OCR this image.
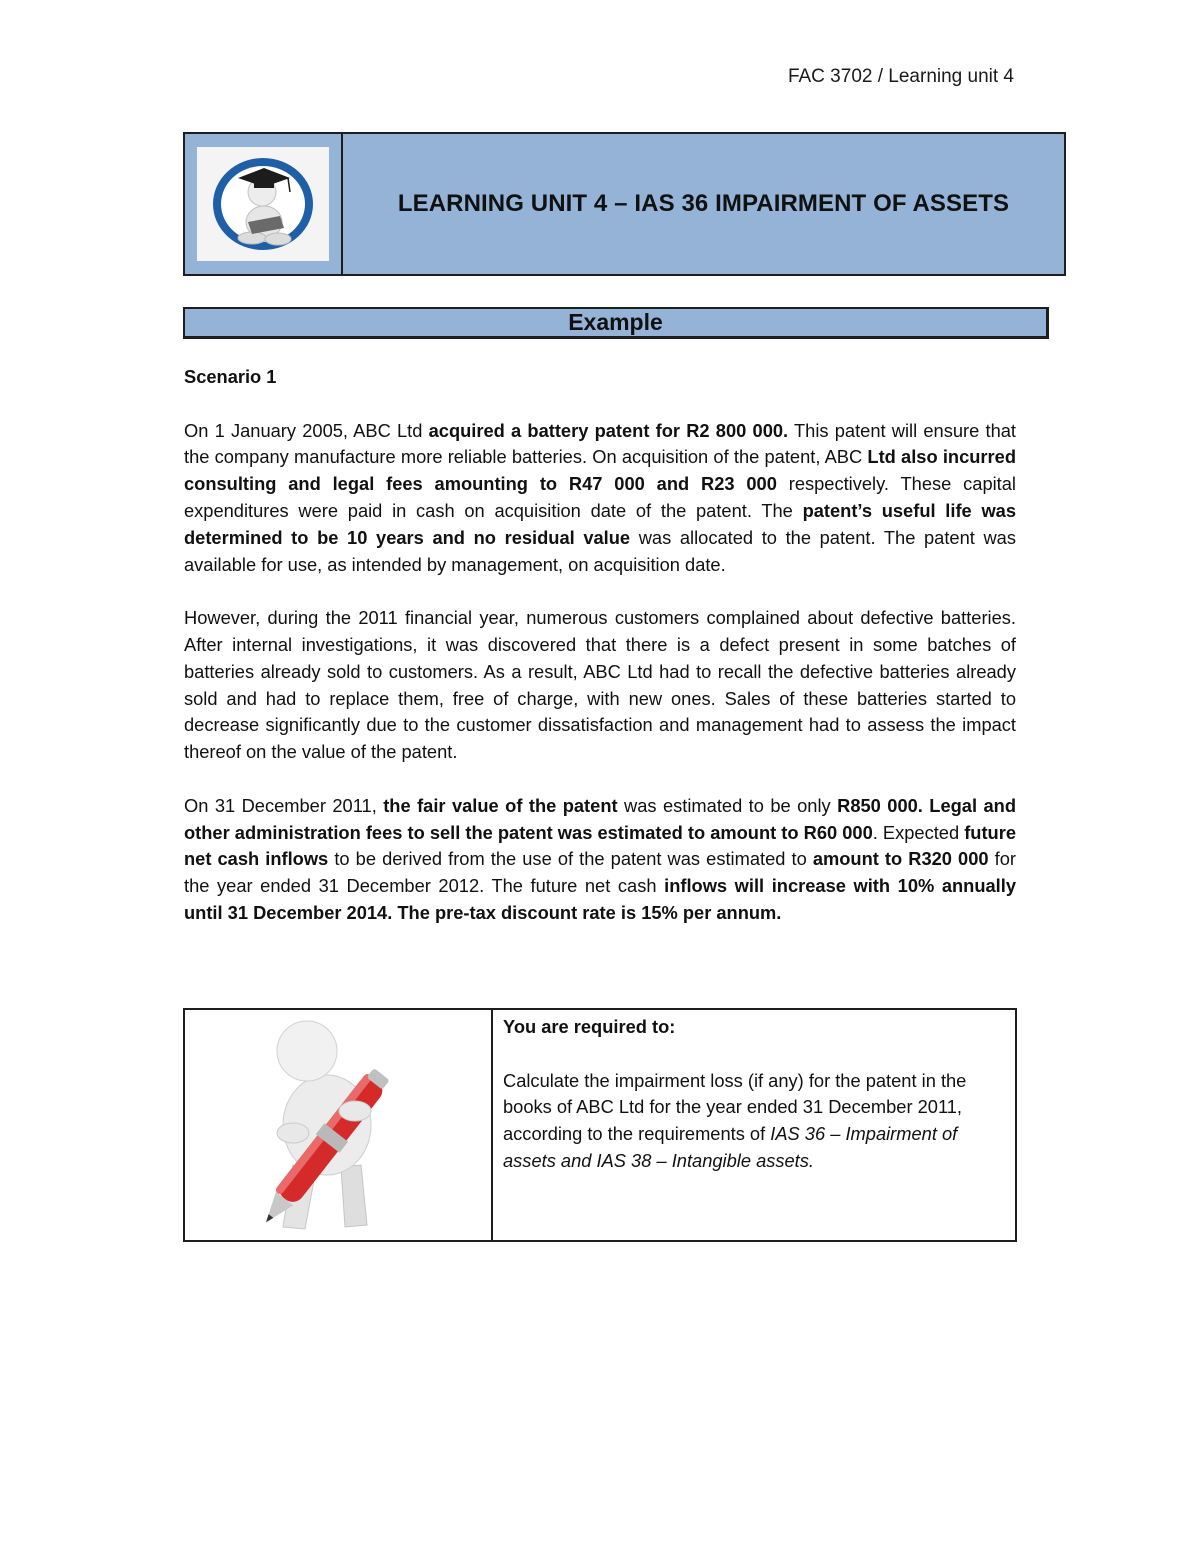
FAC 3702 / Learning unit 4
LEARNING UNIT 4 – IAS 36 IMPAIRMENT OF ASSETS
Example

Scenario 1

On 1 January 2005, ABC Ltd acquired a battery patent for R2 800 000. This patent will ensure that the company manufacture more reliable batteries. On acquisition of the patent, ABC Ltd also incurred consulting and legal fees amounting to R47 000 and R23 000 respectively. These capital expenditures were paid in cash on acquisition date of the patent. The patent’s useful life was determined to be 10 years and no residual value was allocated to the patent. The patent was available for use, as intended by management, on acquisition date.

However, during the 2011 financial year, numerous customers complained about defective batteries. After internal investigations, it was discovered that there is a defect present in some batches of batteries already sold to customers. As a result, ABC Ltd had to recall the defective batteries already sold and had to replace them, free of charge, with new ones. Sales of these batteries started to decrease significantly due to the customer dissatisfaction and management had to assess the impact thereof on the value of the patent.

On 31 December 2011, the fair value of the patent was estimated to be only R850 000. Legal and other administration fees to sell the patent was estimated to amount to R60 000. Expected future net cash inflows to be derived from the use of the patent was estimated to amount to R320 000 for the year ended 31 December 2012. The future net cash inflows will increase with 10% annually until 31 December 2014. The pre-tax discount rate is 15% per annum.

You are required to:

Calculate the impairment loss (if any) for the patent in the books of ABC Ltd for the year ended 31 December 2011, according to the requirements of IAS 36 – Impairment of assets and IAS 38 – Intangible assets.
